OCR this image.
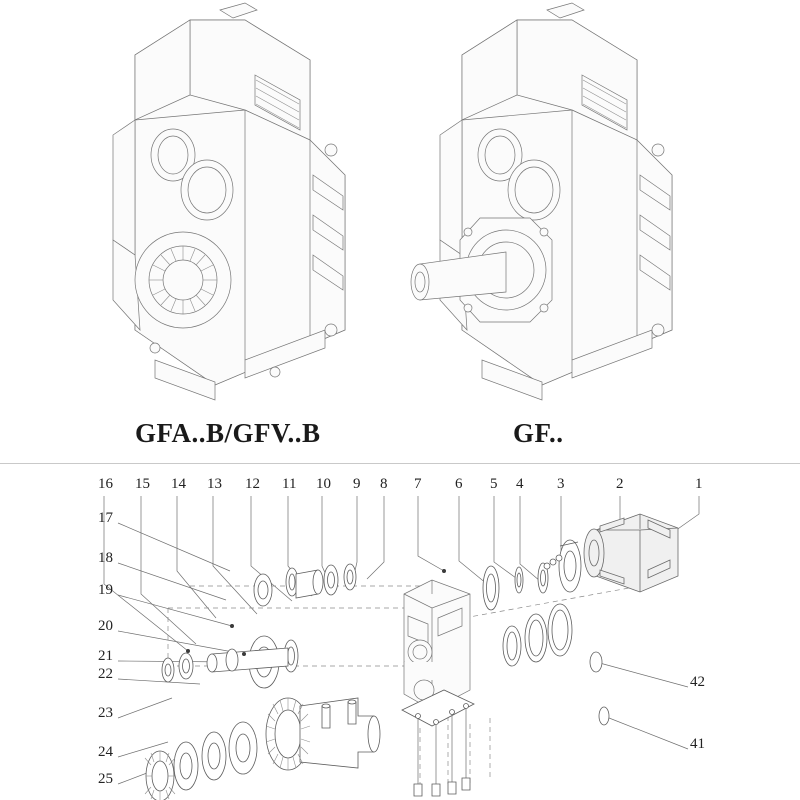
GFA..B/GFV..B	GF..
16 15 14 13 12 11 10 9 8 7 6 5 4 3	2	1
17
18
19
20
21
22
23
24
25
42
41
